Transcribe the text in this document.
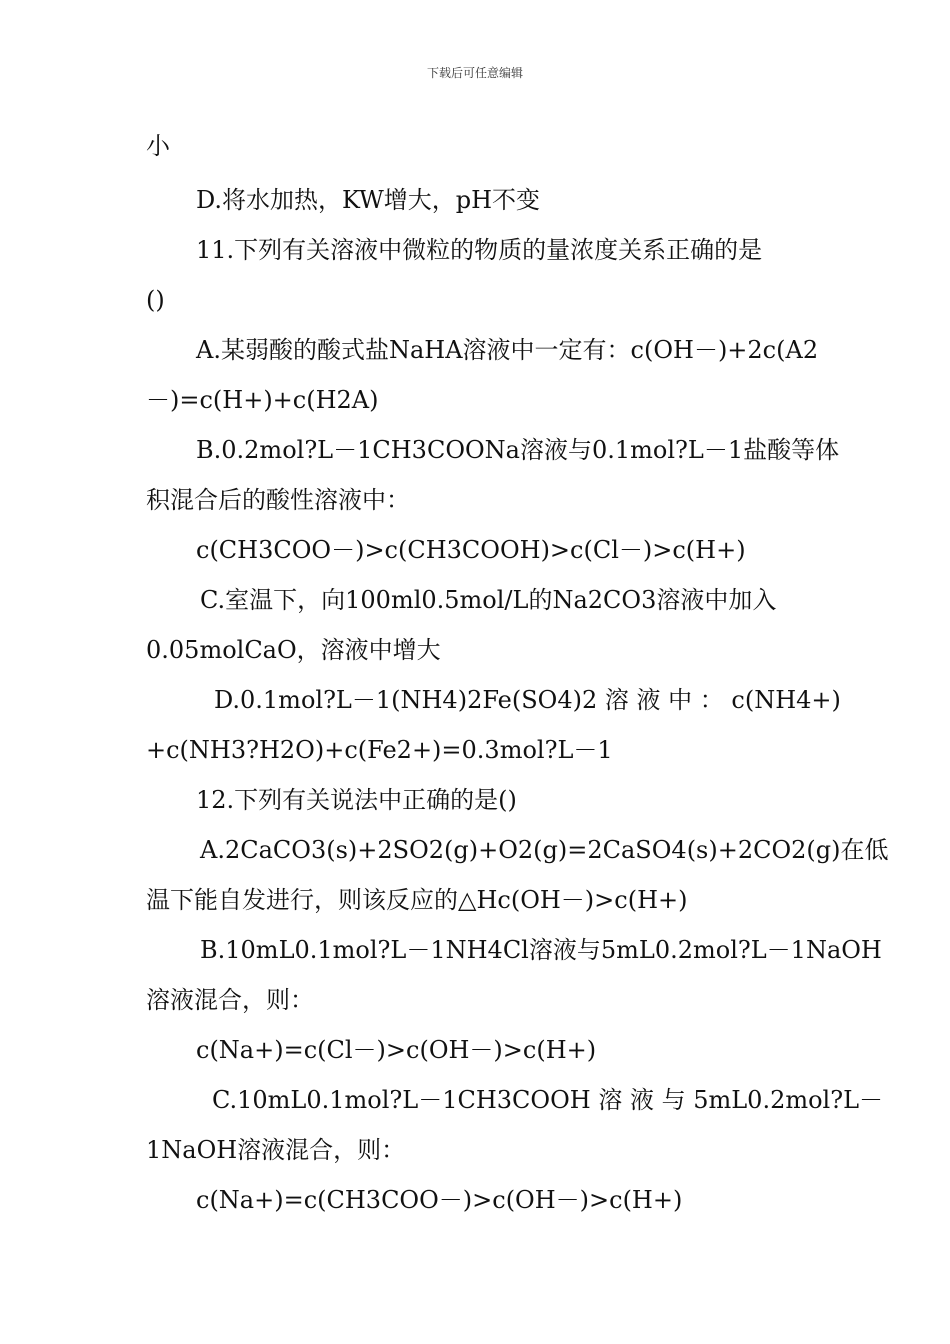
下载后可任意编辑
小
D.将水加热，KW增大，pH不变
11.下列有关溶液中微粒的物质的量浓度关系正确的是
()
A.某弱酸的酸式盐NaHA溶液中一定有：c(OH－)+2c(A2
－)=c(H+)+c(H2A)
B.0.2mol?L－1CH3COONa溶液与0.1mol?L－1盐酸等体
积混合后的酸性溶液中：
c(CH3COO－)>c(CH3COOH)>c(Cl－)>c(H+)
C.室温下，向100ml0.5mol/L的Na2CO3溶液中加入
0.05molCaO，溶液中增大
D.0.1mol?L－1(NH4)2Fe(SO4)2 溶 液 中 ： c(NH4+)
+c(NH3?H2O)+c(Fe2+)=0.3mol?L－1
12.下列有关说法中正确的是()
A.2CaCO3(s)+2SO2(g)+O2(g)=2CaSO4(s)+2CO2(g)在低
温下能自发进行，则该反应的△Hc(OH－)>c(H+)
B.10mL0.1mol?L－1NH4Cl溶液与5mL0.2mol?L－1NaOH
溶液混合，则：
c(Na+)=c(Cl－)>c(OH－)>c(H+)
C.10mL0.1mol?L－1CH3COOH 溶 液 与 5mL0.2mol?L－
1NaOH溶液混合，则：
c(Na+)=c(CH3COO－)>c(OH－)>c(H+)
